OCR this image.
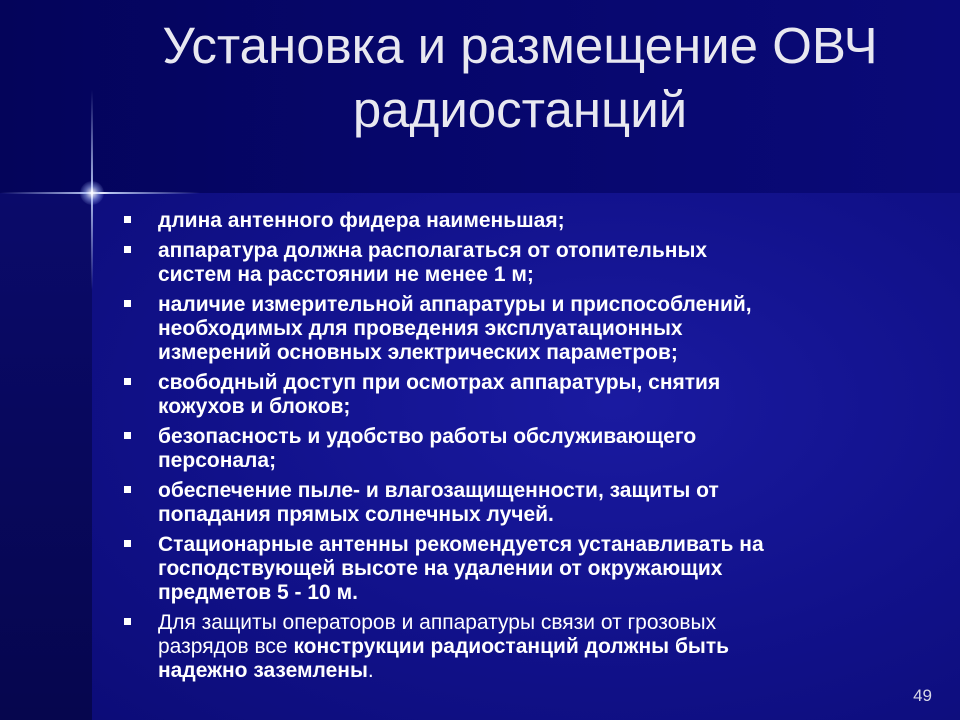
Установка и размещение ОВЧ
радиостанций
длина антенного фидера наименьшая;
аппаратура должна располагаться от отопительных
систем на расстоянии не менее 1 м;
наличие измерительной аппаратуры и приспособлений,
необходимых для проведения эксплуатационных
измерений основных электрических параметров;
свободный доступ при осмотрах аппаратуры, снятия
кожухов и блоков;
безопасность и удобство работы обслуживающего
персонала;
обеспечение пыле- и влагозащищенности, защиты от
попадания прямых солнечных лучей.
Стационарные антенны рекомендуется устанавливать на
господствующей высоте на удалении от окружающих
предметов 5 - 10 м.
Для защиты операторов и аппаратуры связи от грозовых
разрядов все конструкции радиостанций должны быть
надежно заземлены.
49
